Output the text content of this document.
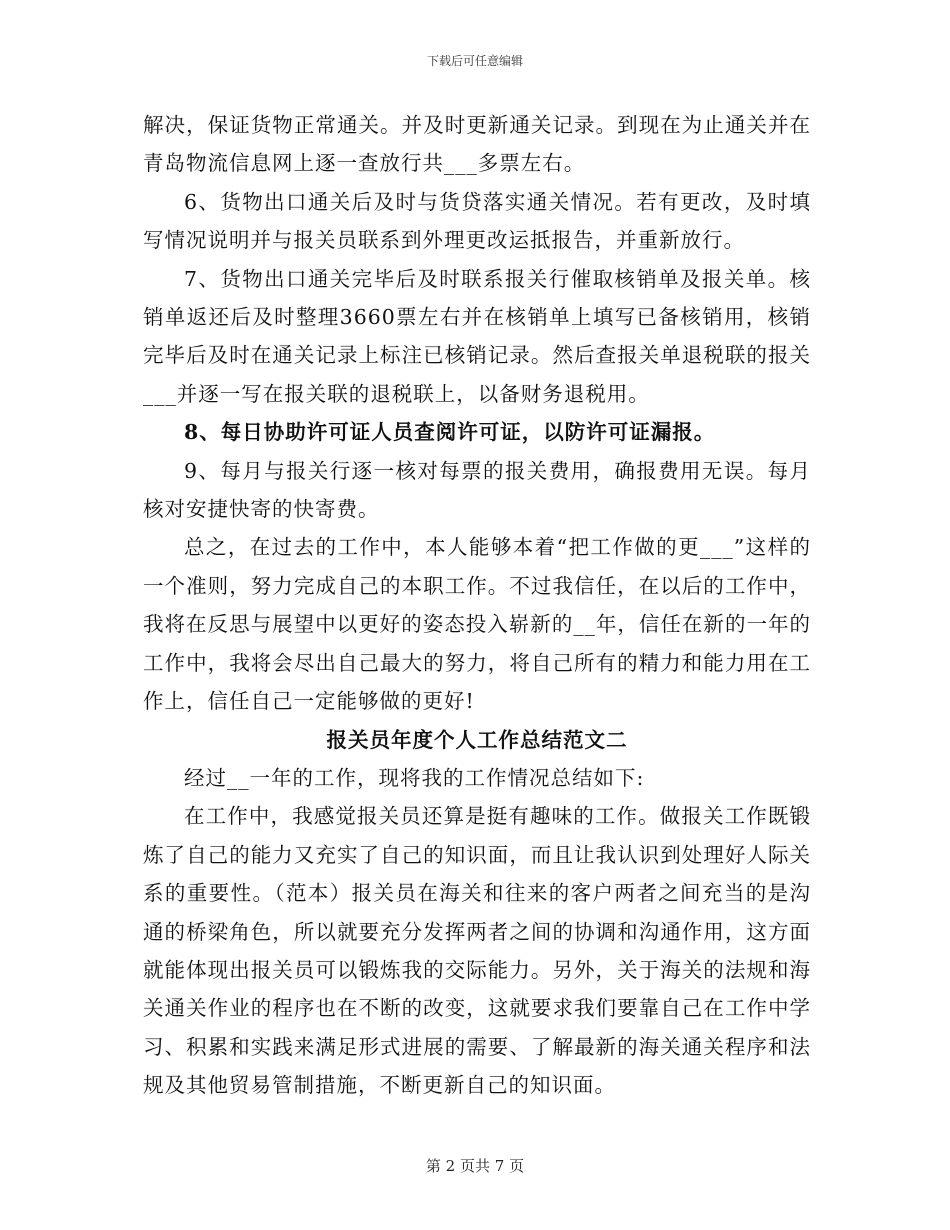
下载后可任意编辑

解决，保证货物正常通关。并及时更新通关记录。到现在为止通关并在青岛物流信息网上逐一查放行共___多票左右。

6、货物出口通关后及时与货贷落实通关情况。若有更改，及时填写情况说明并与报关员联系到外理更改运抵报告，并重新放行。

7、货物出口通关完毕后及时联系报关行催取核销单及报关单。核销单返还后及时整理3660票左右并在核销单上填写已备核销用，核销完毕后及时在通关记录上标注已核销记录。然后查报关单退税联的报关___并逐一写在报关联的退税联上，以备财务退税用。

8、每日协助许可证人员查阅许可证，以防许可证漏报。

9、每月与报关行逐一核对每票的报关费用，确报费用无误。每月核对安捷快寄的快寄费。

总之，在过去的工作中，本人能够本着“把工作做的更___”这样的一个准则，努力完成自己的本职工作。不过我信任，在以后的工作中，我将在反思与展望中以更好的姿态投入崭新的__年，信任在新的一年的工作中，我将会尽出自己最大的努力，将自己所有的精力和能力用在工作上，信任自己一定能够做的更好!

报关员年度个人工作总结范文二

经过__一年的工作，现将我的工作情况总结如下:

在工作中，我感觉报关员还算是挺有趣味的工作。做报关工作既锻炼了自己的能力又充实了自己的知识面，而且让我认识到处理好人际关系的重要性。（范本）报关员在海关和往来的客户两者之间充当的是沟通的桥梁角色，所以就要充分发挥两者之间的协调和沟通作用，这方面就能体现出报关员可以锻炼我的交际能力。另外，关于海关的法规和海关通关作业的程序也在不断的改变，这就要求我们要靠自己在工作中学习、积累和实践来满足形式进展的需要、了解最新的海关通关程序和法规及其他贸易管制措施，不断更新自己的知识面。

第 2 页共 7 页
